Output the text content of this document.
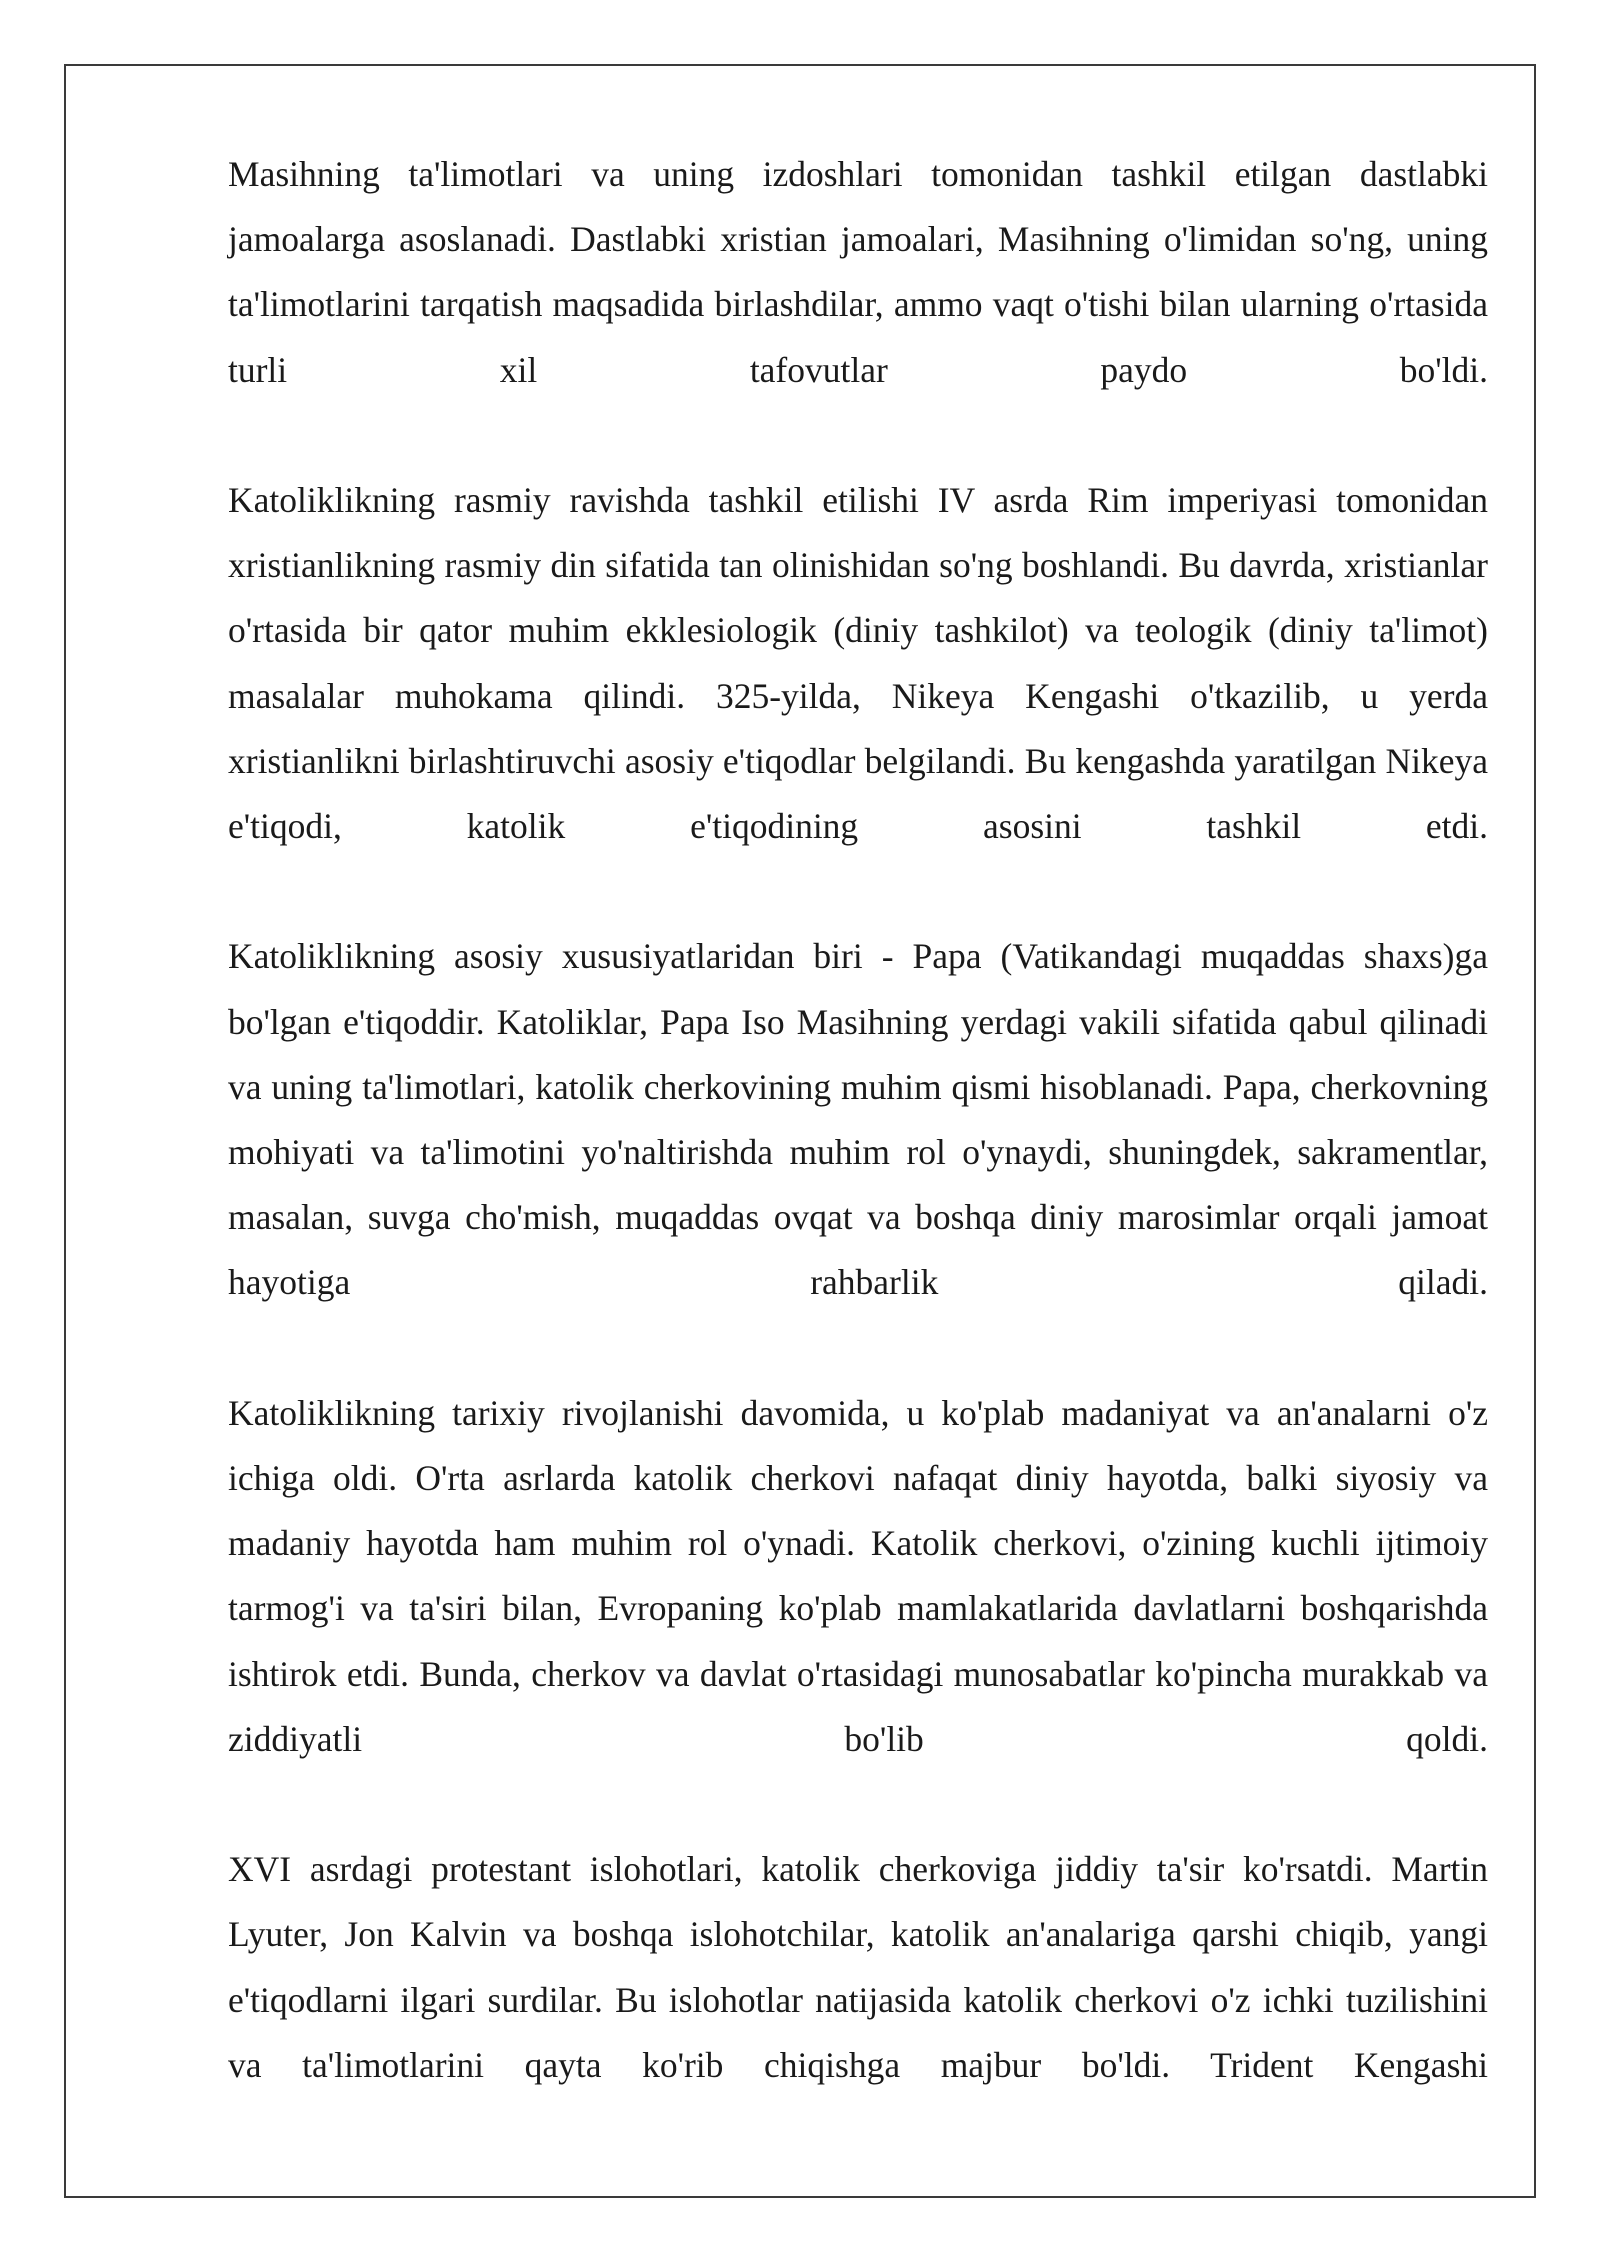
Masihning ta'limotlari va uning izdoshlari tomonidan tashkil etilgan dastlabki jamoalarga asoslanadi. Dastlabki xristian jamoalari, Masihning o'limidan so'ng, uning ta'limotlarini tarqatish maqsadida birlashdilar, ammo vaqt o'tishi bilan ularning o'rtasida turli xil tafovutlar paydo bo'ldi.

Katoliklikning rasmiy ravishda tashkil etilishi IV asrda Rim imperiyasi tomonidan xristianlikning rasmiy din sifatida tan olinishidan so'ng boshlandi. Bu davrda, xristianlar o'rtasida bir qator muhim ekklesiologik (diniy tashkilot) va teologik (diniy ta'limot) masalalar muhokama qilindi. 325-yilda, Nikeya Kengashi o'tkazilib, u yerda xristianlikni birlashtiruvchi asosiy e'tiqodlar belgilandi. Bu kengashda yaratilgan Nikeya e'tiqodi, katolik e'tiqodining asosini tashkil etdi.

Katoliklikning asosiy xususiyatlaridan biri - Papa (Vatikandagi muqaddas shaxs)ga bo'lgan e'tiqoddir. Katoliklar, Papa Iso Masihning yerdagi vakili sifatida qabul qilinadi va uning ta'limotlari, katolik cherkovining muhim qismi hisoblanadi. Papa, cherkovning mohiyati va ta'limotini yo'naltirishda muhim rol o'ynaydi, shuningdek, sakramentlar, masalan, suvga cho'mish, muqaddas ovqat va boshqa diniy marosimlar orqali jamoat hayotiga rahbarlik qiladi.

Katoliklikning tarixiy rivojlanishi davomida, u ko'plab madaniyat va an'analarni o'z ichiga oldi. O'rta asrlarda katolik cherkovi nafaqat diniy hayotda, balki siyosiy va madaniy hayotda ham muhim rol o'ynadi. Katolik cherkovi, o'zining kuchli ijtimoiy tarmog'i va ta'siri bilan, Evropaning ko'plab mamlakatlarida davlatlarni boshqarishda ishtirok etdi. Bunda, cherkov va davlat o'rtasidagi munosabatlar ko'pincha murakkab va ziddiyatli bo'lib qoldi.

XVI asrdagi protestant islohotlari, katolik cherkoviga jiddiy ta'sir ko'rsatdi. Martin Lyuter, Jon Kalvin va boshqa islohotchilar, katolik an'analariga qarshi chiqib, yangi e'tiqodlarni ilgari surdilar. Bu islohotlar natijasida katolik cherkovi o'z ichki tuzilishini va ta'limotlarini qayta ko'rib chiqishga majbur bo'ldi. Trident Kengashi
